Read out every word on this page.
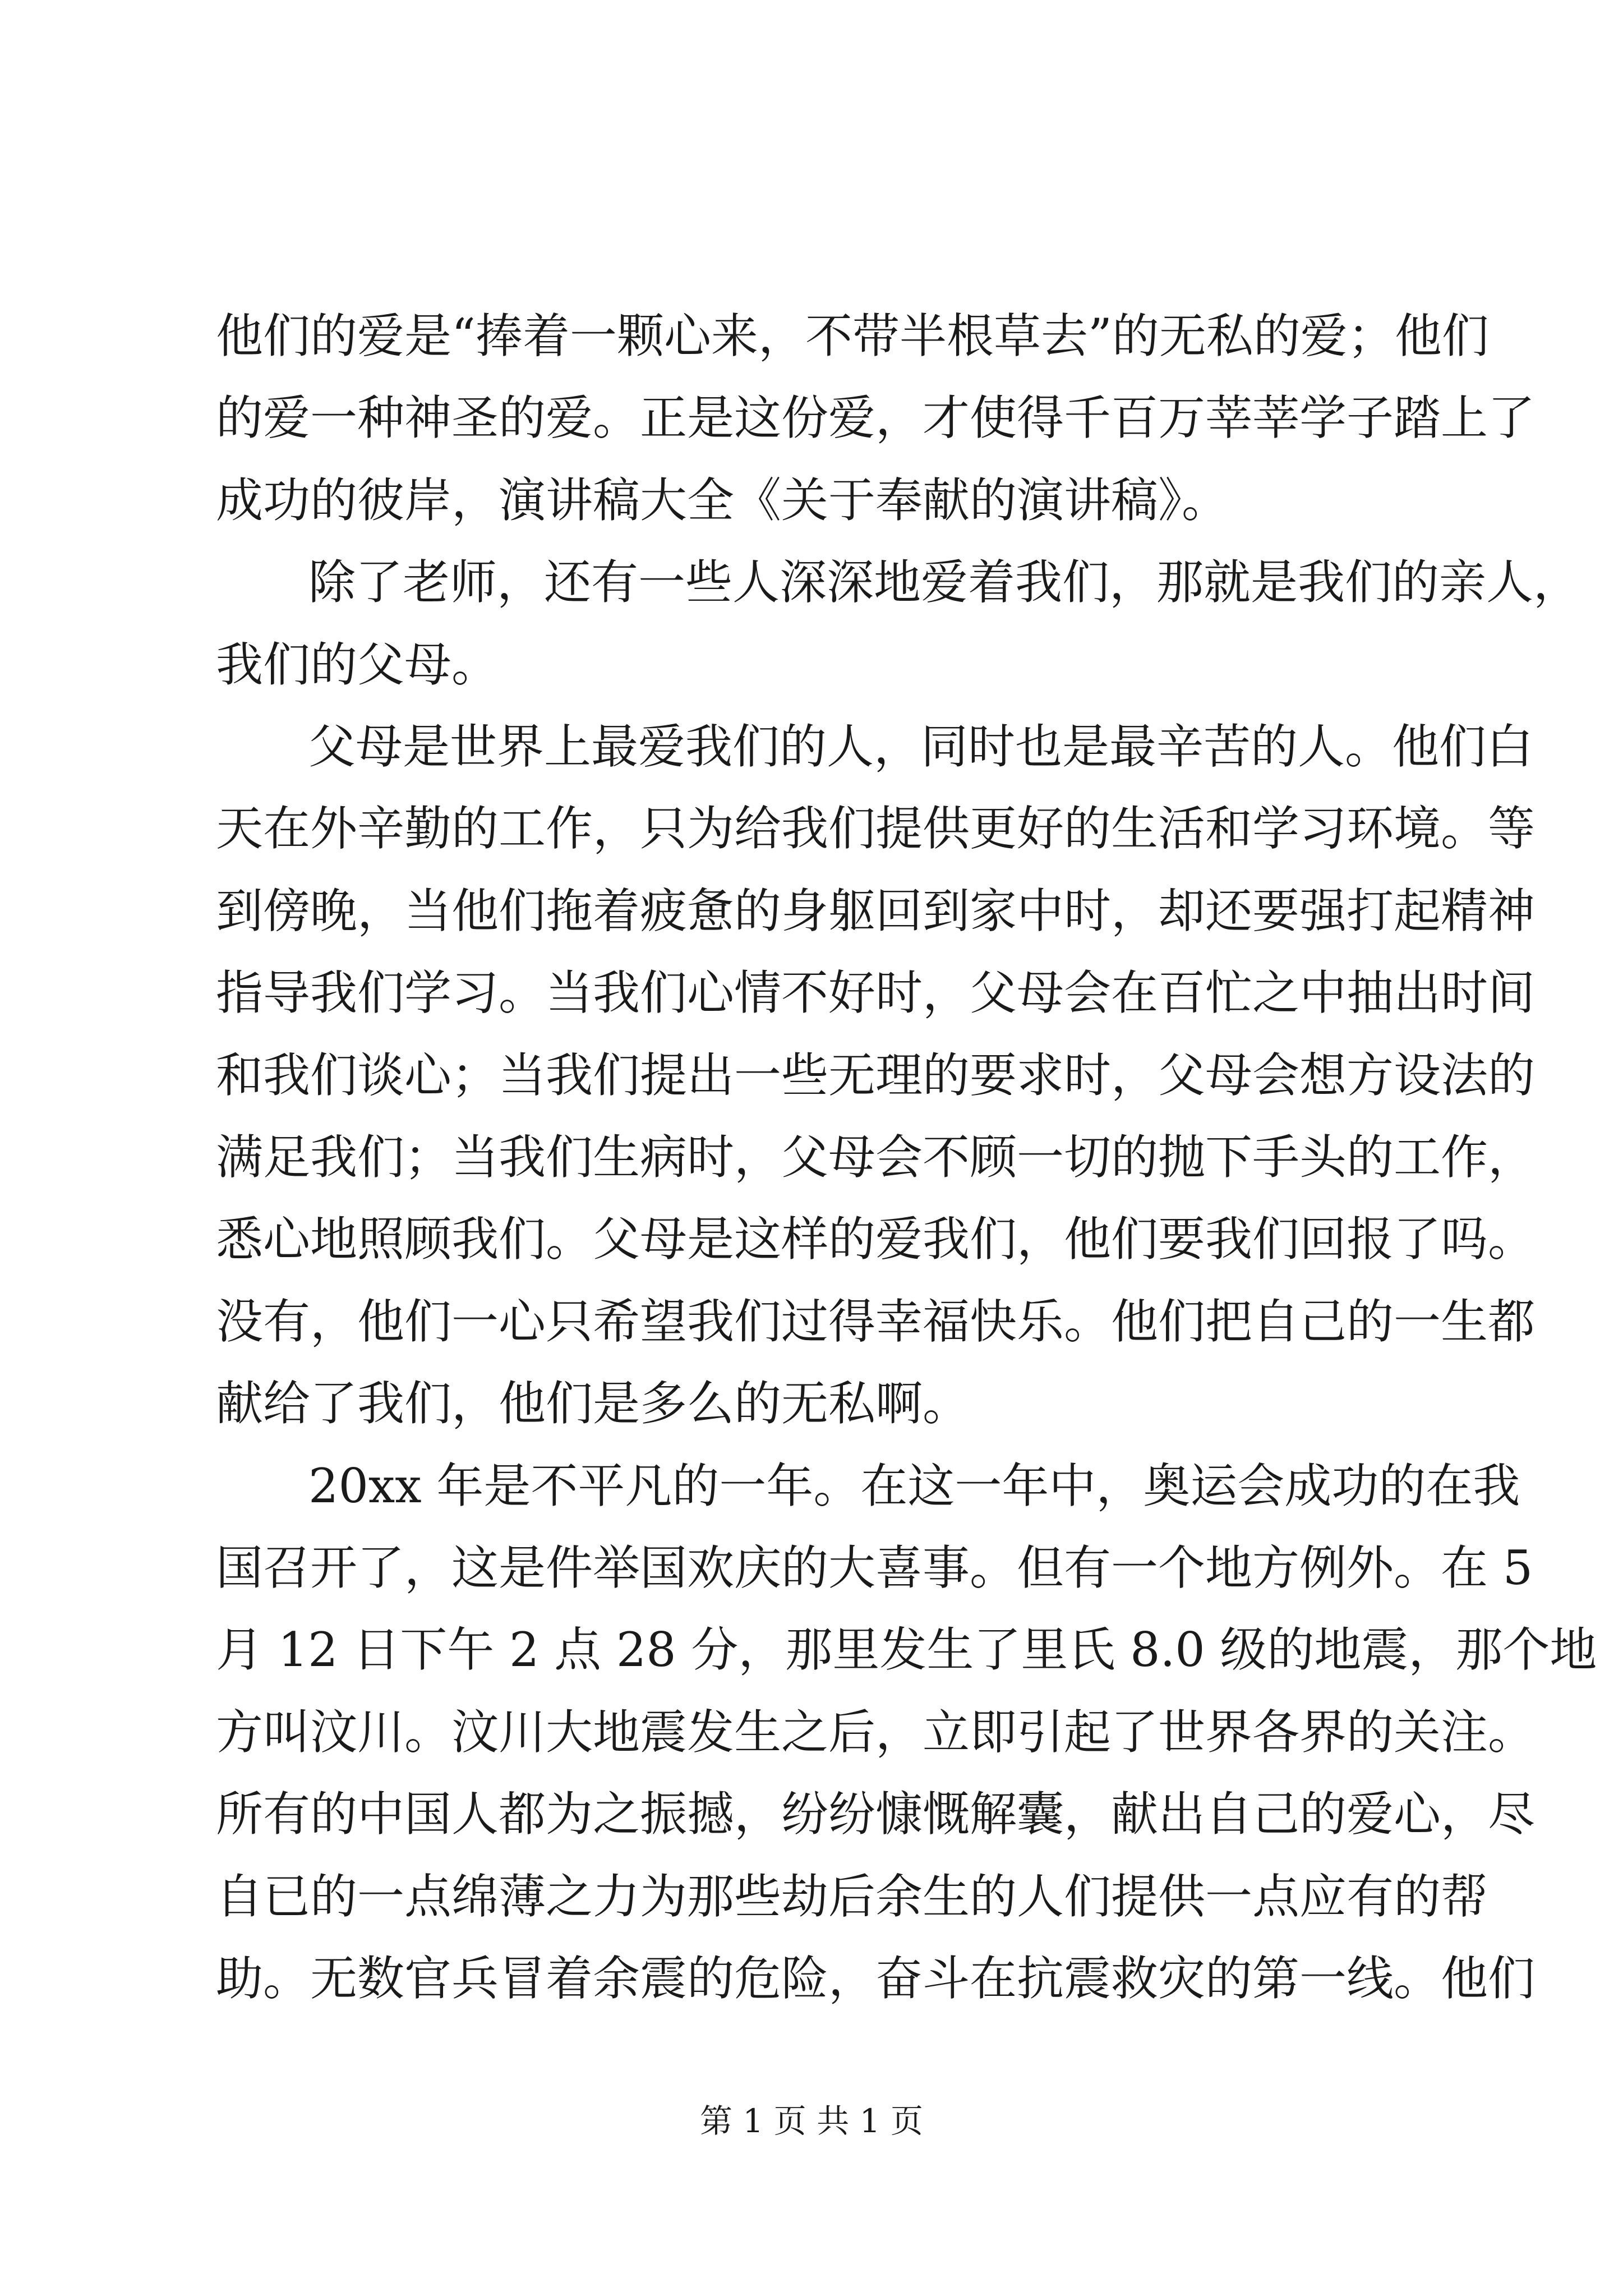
他们的爱是“捧着一颗心来，不带半根草去”的无私的爱；他们
的爱一种神圣的爱。正是这份爱，才使得千百万莘莘学子踏上了
成功的彼岸，演讲稿大全《关于奉献的演讲稿》。
除了老师，还有一些人深深地爱着我们，那就是我们的亲人，
我们的父母。
父母是世界上最爱我们的人，同时也是最辛苦的人。他们白
天在外辛勤的工作，只为给我们提供更好的生活和学习环境。等
到傍晚，当他们拖着疲惫的身躯回到家中时，却还要强打起精神
指导我们学习。当我们心情不好时，父母会在百忙之中抽出时间
和我们谈心；当我们提出一些无理的要求时，父母会想方设法的
满足我们；当我们生病时，父母会不顾一切的抛下手头的工作，
悉心地照顾我们。父母是这样的爱我们，他们要我们回报了吗。
没有，他们一心只希望我们过得幸福快乐。他们把自己的一生都
献给了我们，他们是多么的无私啊。
20xx 年是不平凡的一年。在这一年中，奥运会成功的在我
国召开了，这是件举国欢庆的大喜事。但有一个地方例外。在 5
月 12 日下午 2 点 28 分，那里发生了里氏 8.0 级的地震，那个地
方叫汶川。汶川大地震发生之后，立即引起了世界各界的关注。
所有的中国人都为之振撼，纷纷慷慨解囊，献出自己的爱心，尽
自已的一点绵薄之力为那些劫后余生的人们提供一点应有的帮
助。无数官兵冒着余震的危险，奋斗在抗震救灾的第一线。他们
第 1 页 共 1 页
